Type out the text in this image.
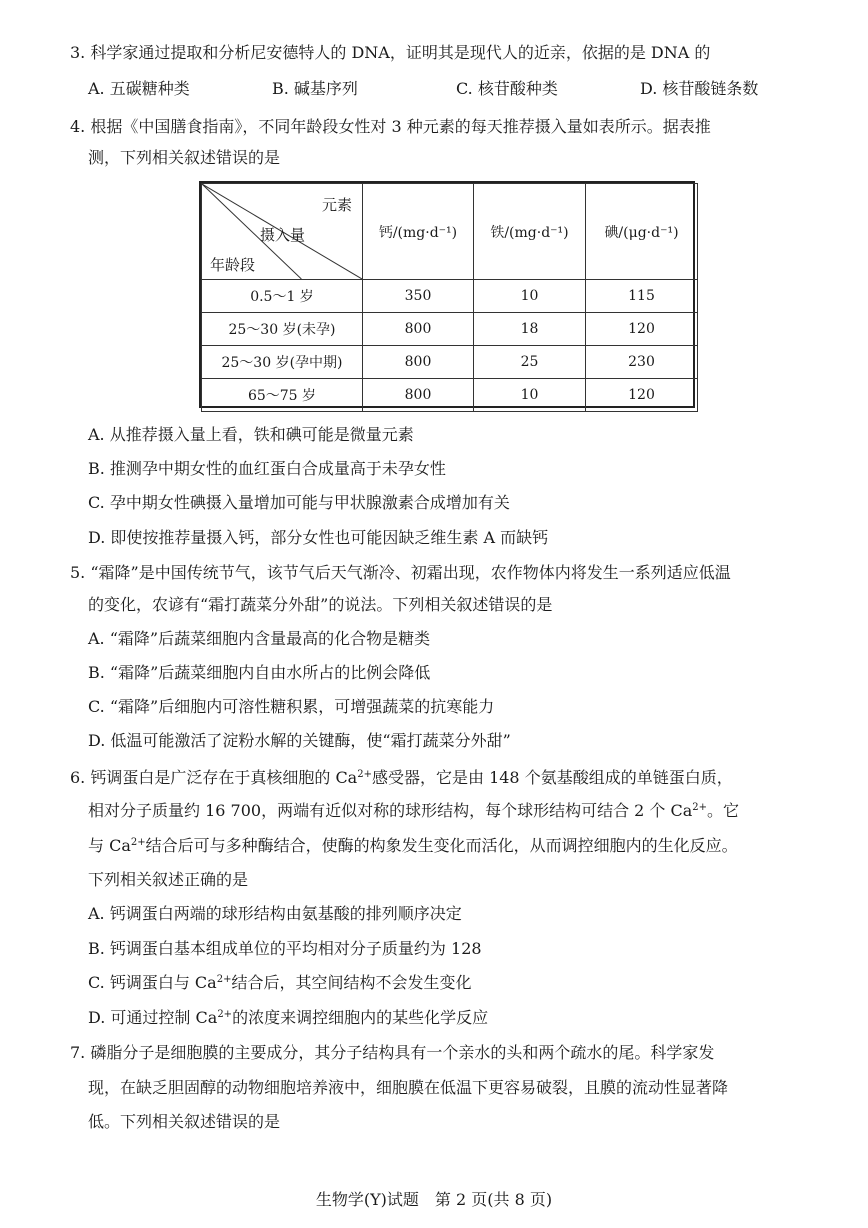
3. 科学家通过提取和分析尼安德特人的 DNA，证明其是现代人的近亲，依据的是 DNA 的
A. 五碳糖种类	B. 碱基序列	C. 核苷酸种类	D. 核苷酸链条数
4. 根据《中国膳食指南》，不同年龄段女性对 3 种元素的每天推荐摄入量如表所示。据表推
测，下列相关叙述错误的是
元素
摄入量
年龄段	钙/(mg·d⁻¹)	铁/(mg·d⁻¹)	碘/(μg·d⁻¹)
0.5～1 岁	350	10	115
25～30 岁(未孕)	800	18	120
25～30 岁(孕中期)	800	25	230
65～75 岁	800	10	120
A. 从推荐摄入量上看，铁和碘可能是微量元素
B. 推测孕中期女性的血红蛋白合成量高于未孕女性
C. 孕中期女性碘摄入量增加可能与甲状腺激素合成增加有关
D. 即使按推荐量摄入钙，部分女性也可能因缺乏维生素 A 而缺钙
5. “霜降”是中国传统节气，该节气后天气渐冷、初霜出现，农作物体内将发生一系列适应低温
的变化，农谚有“霜打蔬菜分外甜”的说法。下列相关叙述错误的是
A. “霜降”后蔬菜细胞内含量最高的化合物是糖类
B. “霜降”后蔬菜细胞内自由水所占的比例会降低
C. “霜降”后细胞内可溶性糖积累，可增强蔬菜的抗寒能力
D. 低温可能激活了淀粉水解的关键酶，使“霜打蔬菜分外甜”
6. 钙调蛋白是广泛存在于真核细胞的 $Ca^{2+}$感受器，它是由 148 个氨基酸组成的单链蛋白质，
相对分子质量约 16 700，两端有近似对称的球形结构，每个球形结构可结合 2 个 $Ca^{2+}$。它
与 $Ca^{2+}$结合后可与多种酶结合，使酶的构象发生变化而活化，从而调控细胞内的生化反应。
下列相关叙述正确的是
A. 钙调蛋白两端的球形结构由氨基酸的排列顺序决定
B. 钙调蛋白基本组成单位的平均相对分子质量约为 128
C. 钙调蛋白与 $Ca^{2+}$结合后，其空间结构不会发生变化
D. 可通过控制 $Ca^{2+}$的浓度来调控细胞内的某些化学反应
7. 磷脂分子是细胞膜的主要成分，其分子结构具有一个亲水的头和两个疏水的尾。科学家发
现，在缺乏胆固醇的动物细胞培养液中，细胞膜在低温下更容易破裂，且膜的流动性显著降
低。下列相关叙述错误的是
生物学(Y)试题　第 2 页(共 8 页)
